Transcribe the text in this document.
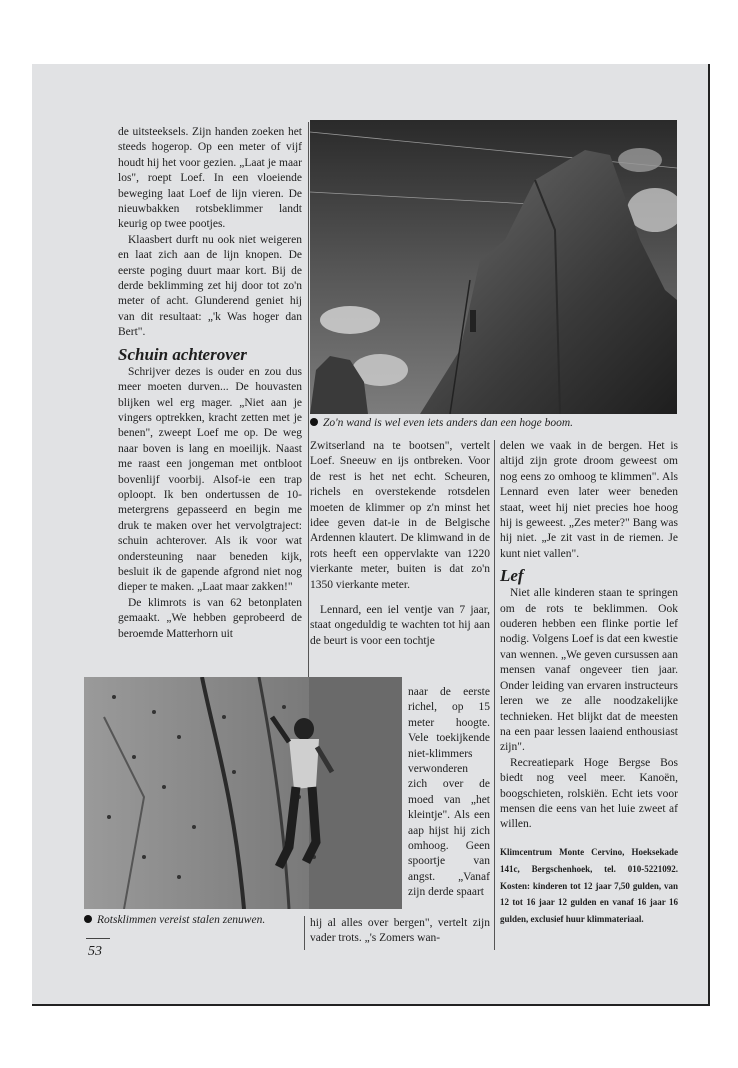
de uitsteeksels. Zijn handen zoeken het steeds hogerop. Op een meter of vijf houdt hij het voor gezien. „Laat je maar los", roept Loef. In een vloeiende beweging laat Loef de lijn vieren. De nieuwbakken rotsbeklimmer landt keurig op twee pootjes.

Klaasbert durft nu ook niet weigeren en laat zich aan de lijn knopen. De eerste poging duurt maar kort. Bij de derde beklimming zet hij door tot zo'n meter of acht. Glunderend geniet hij van dit resultaat: „'k Was hoger dan Bert".

Schuin achterover

Schrijver dezes is ouder en zou dus meer moeten durven... De houvasten blijken wel erg mager. „Niet aan je vingers optrekken, kracht zetten met je benen", zweept Loef me op. De weg naar boven is lang en moeilijk. Naast me raast een jongeman met ontbloot bovenlijf voorbij. Alsof-ie een trap oploopt. Ik ben ondertussen de 10-metergrens gepasseerd en begin me druk te maken over het vervolgtraject: schuin achterover. Als ik voor wat ondersteuning naar beneden kijk, besluit ik de gapende afgrond niet nog dieper te maken. „Laat maar zakken!"

De klimrots is van 62 betonplaten gemaakt. „We hebben geprobeerd de beroemde Matterhorn uit

Zo'n wand is wel even iets anders dan een hoge boom.

Zwitserland na te bootsen", vertelt Loef. Sneeuw en ijs ontbreken. Voor de rest is het net echt. Scheuren, richels en overstekende rotsdelen moeten de klimmer op z'n minst het idee geven dat-ie in de Belgische Ardennen klautert. De klimwand in de rots heeft een oppervlakte van 1220 vierkante meter, buiten is dat zo'n 1350 vierkante meter.

Lennard, een iel ventje van 7 jaar, staat ongeduldig te wachten tot hij aan de beurt is voor een tochtje

naar de eerste richel, op 15 meter hoogte. Vele toekijkende niet-klimmers verwonderen zich over de moed van „het kleintje". Als een aap hijst hij zich omhoog. Geen spoortje van angst. „Vanaf zijn derde spaart

hij al alles over bergen", vertelt zijn vader trots. „'s Zomers wan-

delen we vaak in de bergen. Het is altijd zijn grote droom geweest om nog eens zo omhoog te klimmen". Als Lennard even later weer beneden staat, weet hij niet precies hoe hoog hij is geweest. „Zes meter?" Bang was hij niet. „Je zit vast in de riemen. Je kunt niet vallen".

Lef

Niet alle kinderen staan te springen om de rots te beklimmen. Ook ouderen hebben een flinke portie lef nodig. Volgens Loef is dat een kwestie van wennen. „We geven cursussen aan mensen vanaf ongeveer tien jaar. Onder leiding van ervaren instructeurs leren we ze alle noodzakelijke technieken. Het blijkt dat de meesten na een paar lessen laaiend enthousiast zijn".

Recreatiepark Hoge Bergse Bos biedt nog veel meer. Kanoën, boogschieten, rolskiën. Echt iets voor mensen die eens van het luie zweet af willen.

Klimcentrum Monte Cervino, Hoeksekade 141c, Bergschenhoek, tel. 010-5221092. Kosten: kinderen tot 12 jaar 7,50 gulden, van 12 tot 16 jaar 12 gulden en vanaf 16 jaar 16 gulden, exclusief huur klimmateriaal.
Rotsklimmen vereist stalen zenuwen.
53
